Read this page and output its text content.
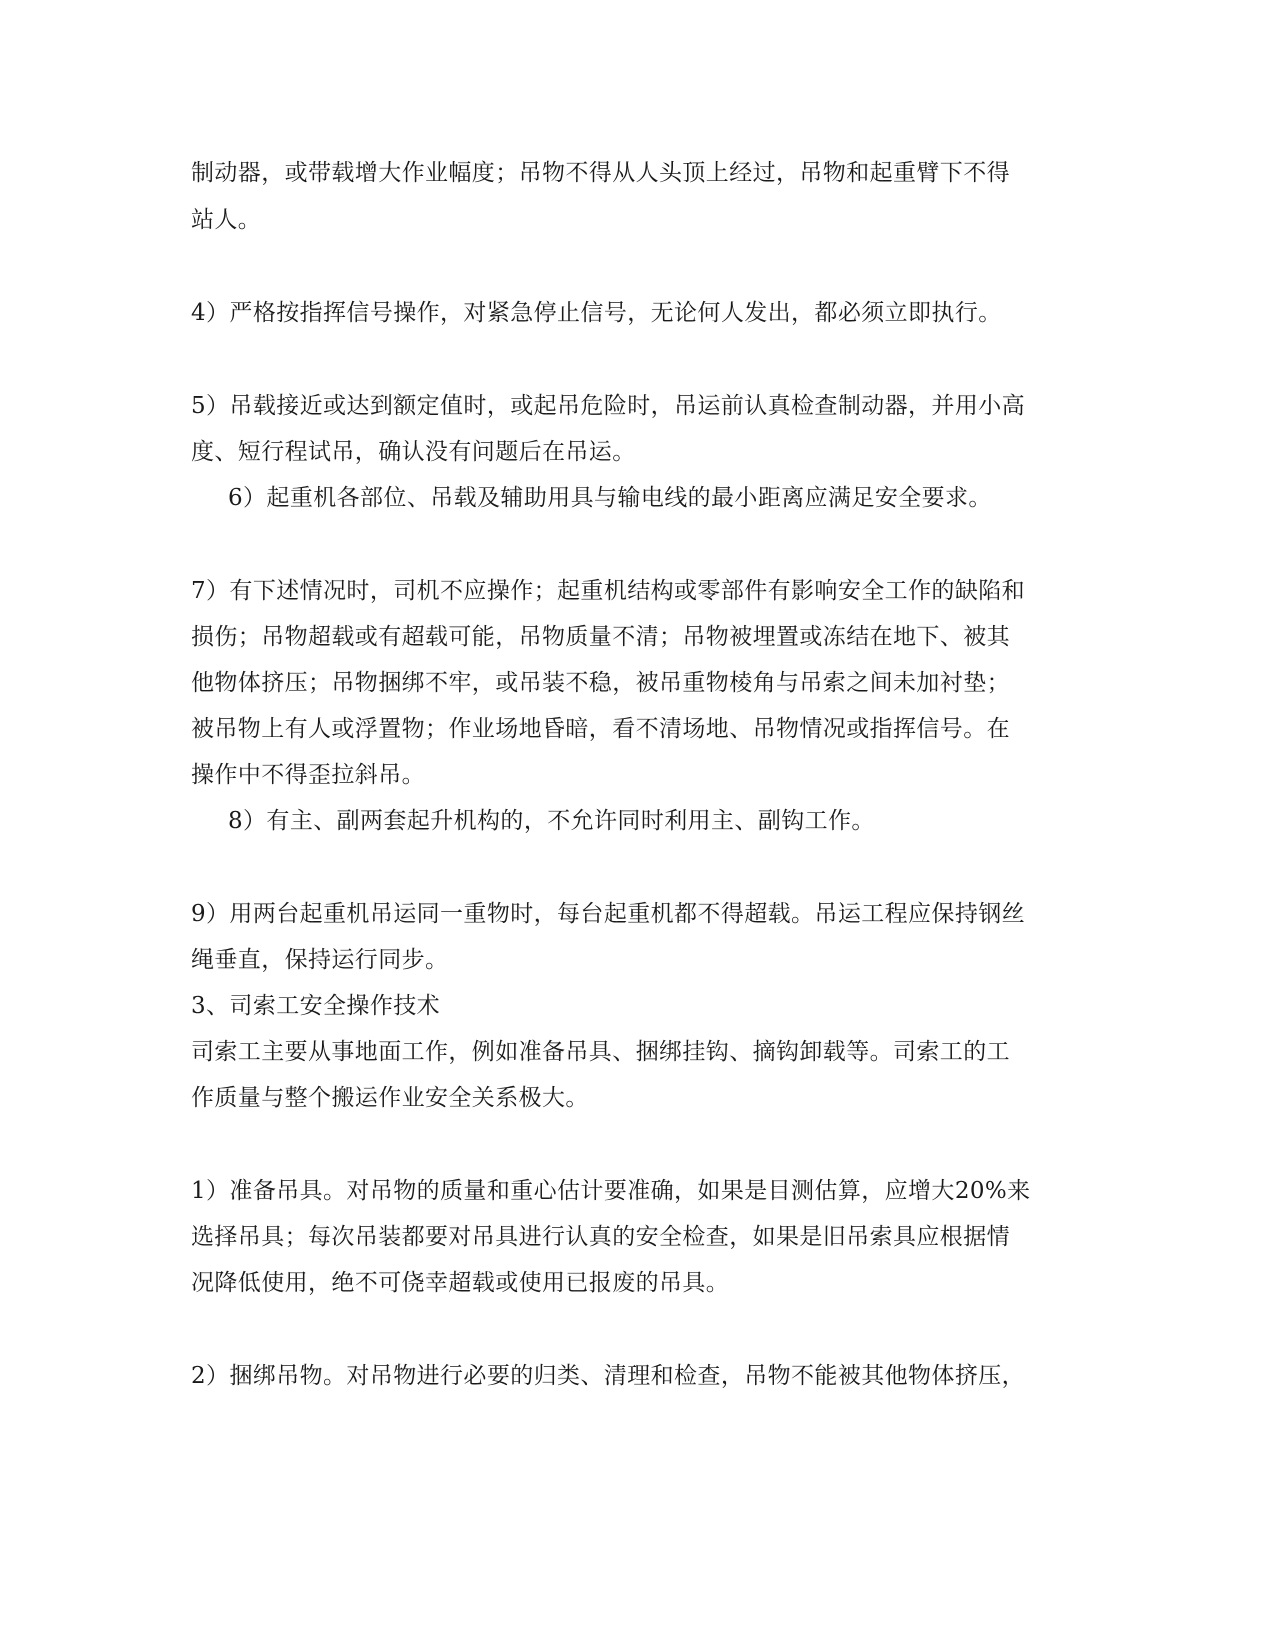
制动器，或带载增大作业幅度；吊物不得从人头顶上经过，吊物和起重臂下不得
站人。
4）严格按指挥信号操作，对紧急停止信号，无论何人发出，都必须立即执行。
5）吊载接近或达到额定值时，或起吊危险时，吊运前认真检查制动器，并用小高
度、短行程试吊，确认没有问题后在吊运。
6）起重机各部位、吊载及辅助用具与输电线的最小距离应满足安全要求。
7）有下述情况时，司机不应操作；起重机结构或零部件有影响安全工作的缺陷和
损伤；吊物超载或有超载可能，吊物质量不清；吊物被埋置或冻结在地下、被其
他物体挤压；吊物捆绑不牢，或吊装不稳，被吊重物棱角与吊索之间未加衬垫；
被吊物上有人或浮置物；作业场地昏暗，看不清场地、吊物情况或指挥信号。在
操作中不得歪拉斜吊。
8）有主、副两套起升机构的，不允许同时利用主、副钩工作。
9）用两台起重机吊运同一重物时，每台起重机都不得超载。吊运工程应保持钢丝
绳垂直，保持运行同步。
3、司索工安全操作技术
司索工主要从事地面工作，例如准备吊具、捆绑挂钩、摘钩卸载等。司索工的工
作质量与整个搬运作业安全关系极大。
1）准备吊具。对吊物的质量和重心估计要准确，如果是目测估算，应增大20%来
选择吊具；每次吊装都要对吊具进行认真的安全检查，如果是旧吊索具应根据情
况降低使用，绝不可侥幸超载或使用已报废的吊具。
2）捆绑吊物。对吊物进行必要的归类、清理和检查，吊物不能被其他物体挤压，
